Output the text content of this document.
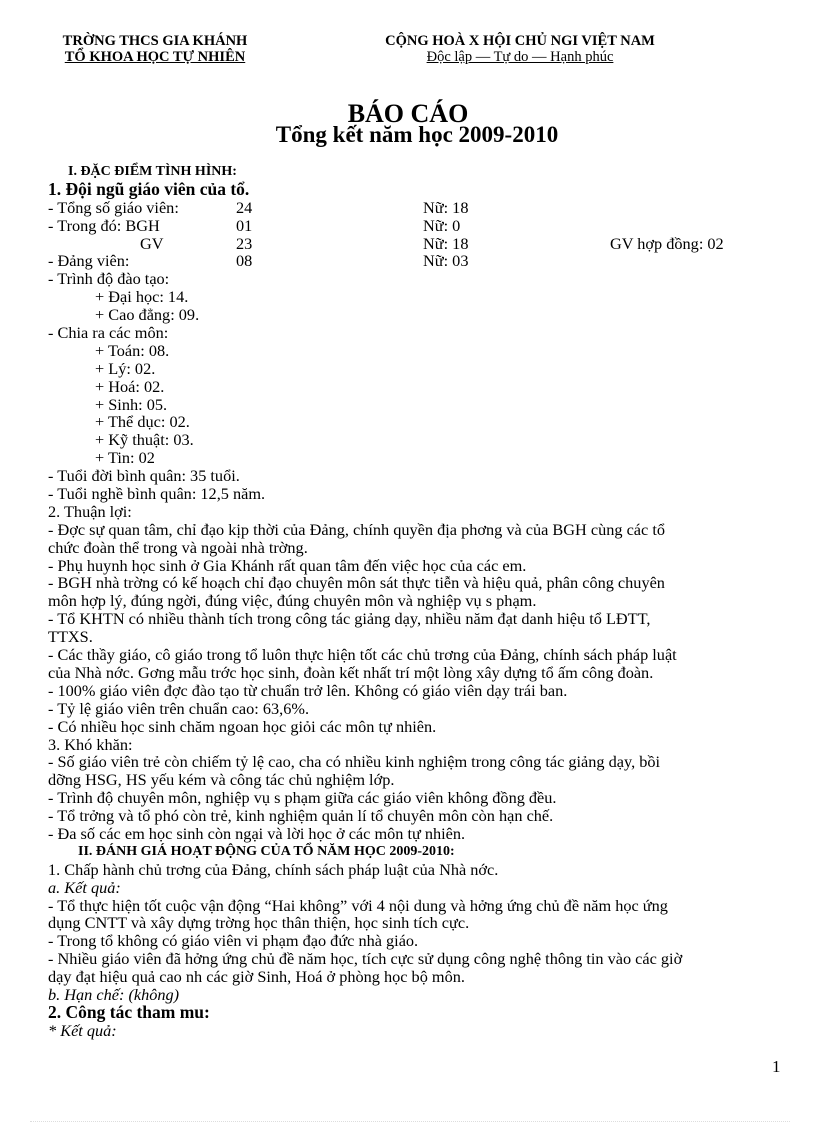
TRỜNG THCS GIA KHÁNH
TỔ KHOA HỌC TỰ NHIÊN
CỘNG HOÀ X HỘI CHỦ NGI VIỆT NAM
Độc lập — Tự do — Hạnh phúc
BÁO CÁO
Tổng kết năm học 2009-2010
I. ĐẶC ĐIỂM TÌNH HÌNH:
1. Đội ngũ giáo viên của tổ.
- Tổng số giáo viên:	24	Nữ: 18
- Trong đó: BGH	01	Nữ: 0
GV	23	Nữ: 18	GV hợp đồng: 02
- Đảng viên:	08	Nữ: 03
- Trình độ đào tạo:
+ Đại học: 14.
+ Cao đẳng: 09.
- Chia ra các môn:
+ Toán: 08.
+ Lý: 02.
+ Hoá: 02.
+ Sinh: 05.
+ Thể dục: 02.
+ Kỹ thuật: 03.
+ Tin: 02
- Tuổi đời bình quân: 35 tuổi.
- Tuổi nghề bình quân: 12,5 năm.
2. Thuận lợi:
- Đợc sự quan tâm, chỉ đạo kịp thời của Đảng, chính quyền địa phơng và của BGH cùng các tổ
chức đoàn thể trong và ngoài nhà trờng.
- Phụ huynh học sinh ở Gia Khánh rất quan tâm đến việc học của các em.
- BGH nhà trờng có kế hoạch chỉ đạo chuyên môn sát thực tiễn và hiệu quả, phân công chuyên
môn hợp lý, đúng ngời, đúng việc, đúng chuyên môn và nghiệp vụ s phạm.
- Tổ KHTN có nhiều thành tích trong công tác giảng dạy, nhiều năm đạt danh hiệu tổ LĐTT,
TTXS.
- Các thầy giáo, cô giáo trong tổ luôn thực hiện tốt các chủ trơng của Đảng, chính sách pháp luật
của Nhà nớc. Gơng mẫu trớc học sinh, đoàn kết nhất trí một lòng xây dựng tổ ấm công đoàn.
- 100% giáo viên đợc đào tạo từ chuẩn trở lên. Không có giáo viên dạy trái ban.
- Tỷ lệ giáo viên trên chuẩn cao: 63,6%.
- Có nhiều học sinh chăm ngoan học giỏi các môn tự nhiên.
3. Khó khăn:
- Số giáo viên trẻ còn chiếm tỷ lệ cao, cha có nhiều kinh nghiệm trong công tác giảng dạy, bồi
dỡng HSG, HS yếu kém và công tác chủ nghiệm lớp.
- Trình độ chuyên môn, nghiệp vụ s phạm giữa các giáo viên không đồng đều.
- Tổ trởng và tổ phó còn trẻ, kinh nghiệm quản lí tổ chuyên môn còn hạn chế.
- Đa số các em học sinh còn ngại và lời học ở các môn tự nhiên.
II. ĐÁNH GIÁ HOẠT ĐỘNG CỦA TỔ NĂM HỌC 2009-2010:
1. Chấp hành chủ trơng của Đảng, chính sách pháp luật của Nhà nớc.
a. Kết quả:
- Tổ thực hiện tốt cuộc vận động “Hai không” với 4 nội dung và hởng ứng chủ đề năm học ứng
dụng CNTT và xây dựng trờng học thân thiện, học sinh tích cực.
- Trong tổ không có giáo viên vi phạm đạo đức nhà giáo.
- Nhiều giáo viên đã hởng ứng chủ đề năm học, tích cực sử dụng công nghệ thông tin vào các giờ
dạy đạt hiệu quả cao nh các giờ Sinh, Hoá ở phòng học bộ môn.
b. Hạn chế: (không)
2. Công tác tham mu:
* Kết quả:
1
